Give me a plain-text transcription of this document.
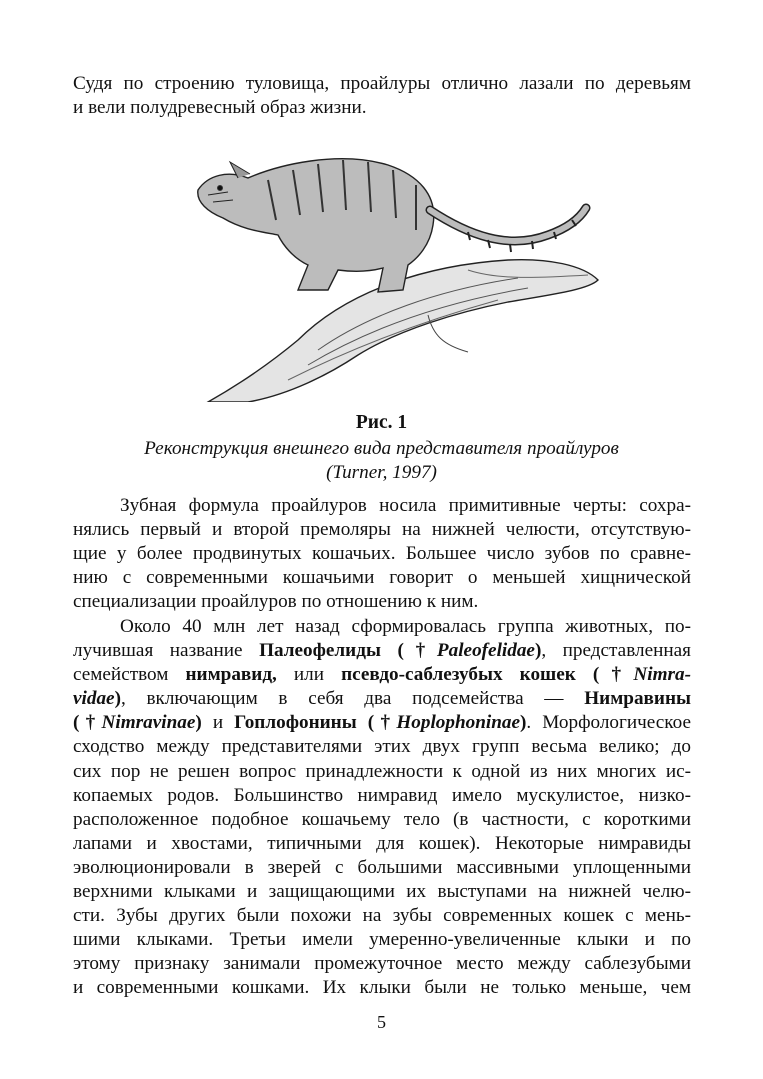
Судя по строению туловища, проайлуры отлично лазали по деревьям
и вели полудревесный образ жизни.
Рис. 1
Реконструкция внешнего вида представителя проайлуров
(Turner, 1997)
Зубная формула проайлуров носила примитивные черты: сохра-
нялись первый и второй премоляры на нижней челюсти, отсутствую-
щие у более продвинутых кошачьих. Большее число зубов по сравне-
нию с современными кошачьими говорит о меньшей хищнической
специализации проайлуров по отношению к ним.
Около 40 млн лет назад сформировалась группа животных, по-
лучившая название Палеофелиды (†Paleofelidae), представленная
семейством нимравид, или псевдо-саблезубых кошек (†Nimra-
vidae), включающим в себя два подсемейства — Нимравины
(†Nimravinae) и Гоплофонины (†Hoplophoninae). Морфологическое
сходство между представителями этих двух групп весьма велико; до
сих пор не решен вопрос принадлежности к одной из них многих ис-
копаемых родов. Большинство нимравид имело мускулистое, низко-
расположенное подобное кошачьему тело (в частности, с короткими
лапами и хвостами, типичными для кошек). Некоторые нимравиды
эволюционировали в зверей с большими массивными уплощенными
верхними клыками и защищающими их выступами на нижней челю-
сти. Зубы других были похожи на зубы современных кошек с мень-
шими клыками. Третьи имели умеренно-увеличенные клыки и по
этому признаку занимали промежуточное место между саблезубыми
и современными кошками. Их клыки были не только меньше, чем
5
